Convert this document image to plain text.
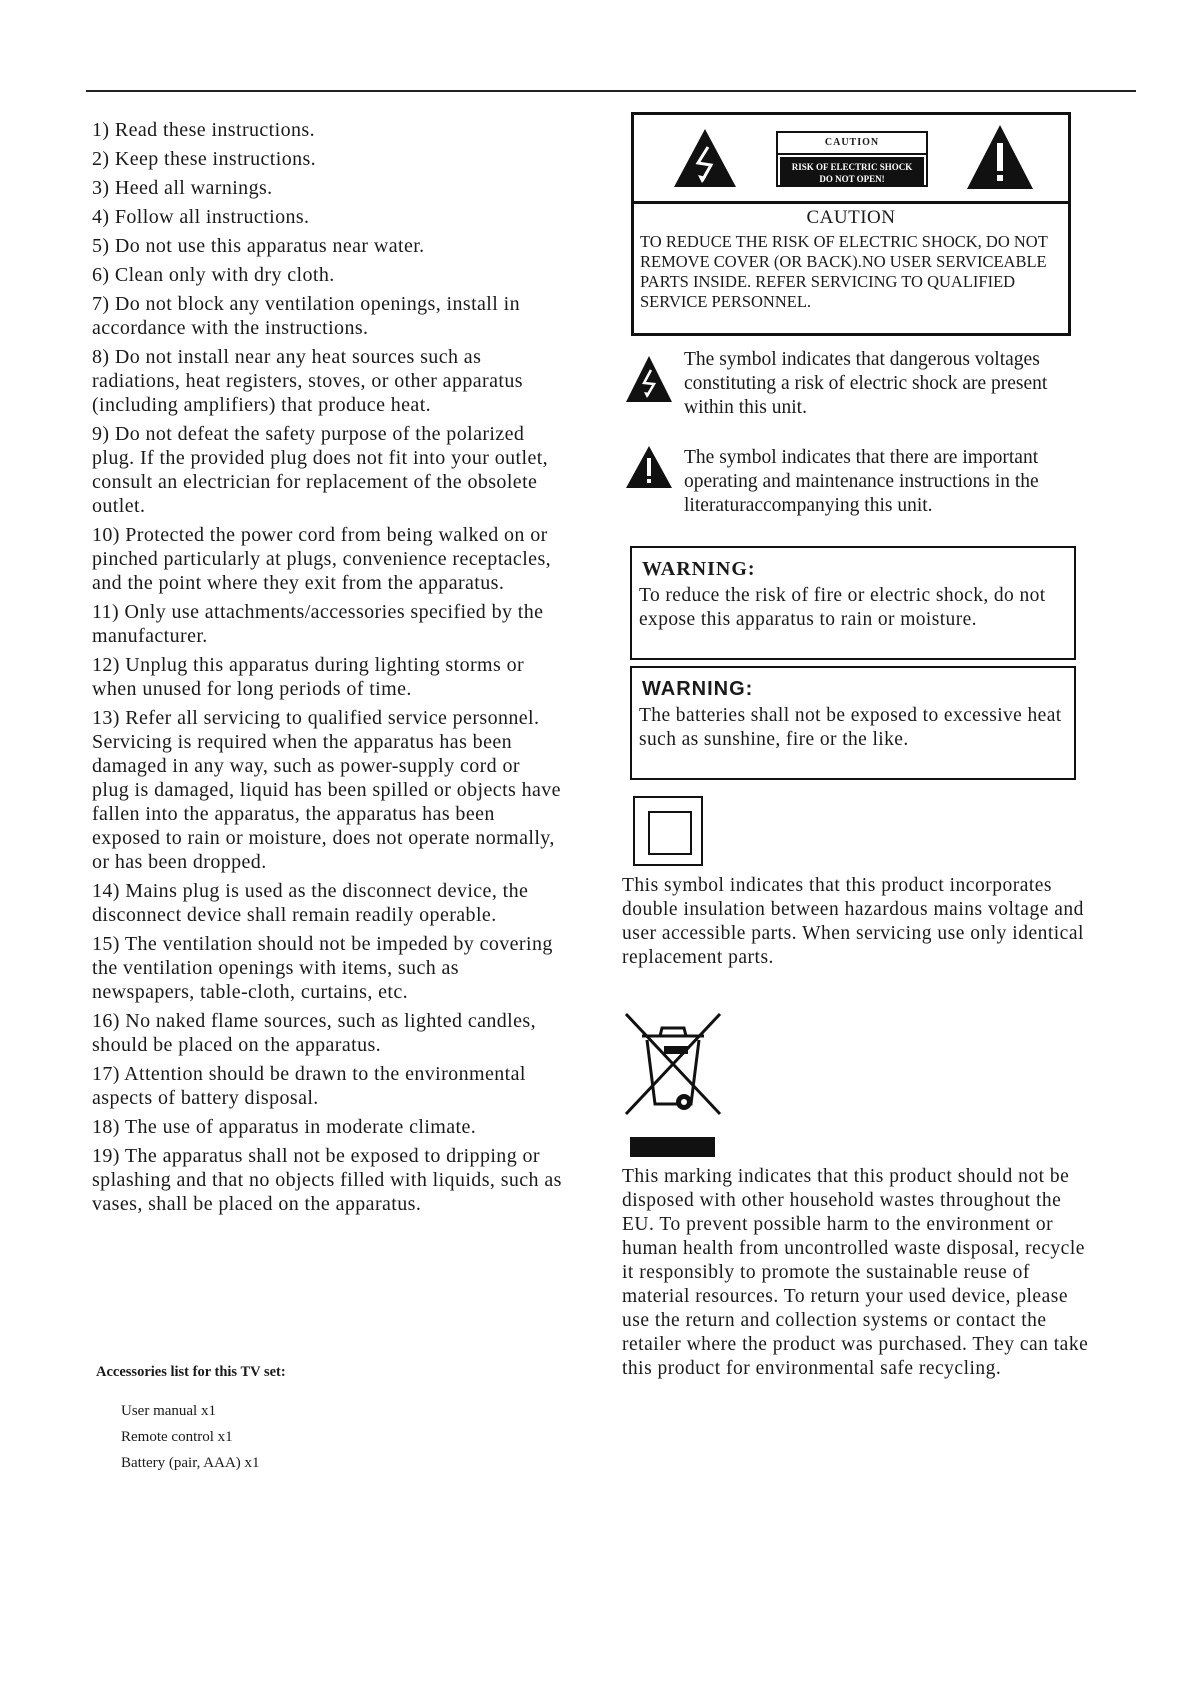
1) Read these instructions.
2) Keep these instructions.
3) Heed all warnings.
4) Follow all instructions.
5) Do not use this apparatus near water.
6) Clean only with dry cloth.
7) Do not block any ventilation openings, install in accordance with the instructions.
8) Do not install near any heat sources such as radiations, heat registers, stoves, or other apparatus (including amplifiers) that produce heat.
9) Do not defeat the safety purpose of the polarized plug. If the provided plug does not fit into your outlet, consult an electrician for replacement of the obsolete outlet.
10) Protected the power cord from being walked on or pinched particularly at plugs, convenience receptacles, and the point where they exit from the apparatus.
11) Only use attachments/accessories specified by the manufacturer.
12) Unplug this apparatus during lighting storms or when unused for long periods of time.
13) Refer all servicing to qualified service personnel. Servicing is required when the apparatus has been damaged in any way, such as power-supply cord or plug is damaged, liquid has been spilled or objects have fallen into the apparatus, the apparatus has been exposed to rain or moisture, does not operate normally, or has been dropped.
14) Mains plug is used as the disconnect device, the disconnect device shall remain readily operable.
15) The ventilation should not be impeded by covering the ventilation openings with items, such as newspapers, table-cloth, curtains, etc.
16) No naked flame sources, such as lighted candles, should be placed on the apparatus.
17) Attention should be drawn to the environmental aspects of battery disposal.
18) The use of apparatus in moderate climate.
19) The apparatus shall not be exposed to dripping or splashing and that no objects filled with liquids, such as vases, shall be placed on the apparatus.
Accessories list for this TV set:
User manual x1
Remote control x1
Battery (pair, AAA) x1
CAUTION
RISK OF ELECTRIC SHOCK
DO NOT OPEN!
CAUTION
TO REDUCE THE RISK OF ELECTRIC SHOCK, DO NOT REMOVE COVER (OR BACK).NO USER SERVICEABLE PARTS INSIDE. REFER SERVICING TO QUALIFIED SERVICE PERSONNEL.
The symbol indicates that dangerous voltages constituting a risk of electric shock are present within this unit.
The symbol indicates that there are important operating and maintenance instructions in the literaturaccompanying this unit.
WARNING:
To reduce the risk of fire or electric shock, do not expose this apparatus to rain or moisture.
WARNING:
The batteries shall not be exposed to excessive heat such as sunshine, fire or the like.
This symbol indicates that this product incorporates double insulation between hazardous mains voltage and user accessible parts. When servicing use only identical replacement parts.
This marking indicates that this product should not be disposed with other household wastes throughout the EU. To prevent possible harm to the environment or human health from uncontrolled waste disposal, recycle it responsibly to promote the sustainable reuse of material resources. To return your used device, please use the return and collection systems or contact the retailer where the product was purchased. They can take this product for environmental safe recycling.
